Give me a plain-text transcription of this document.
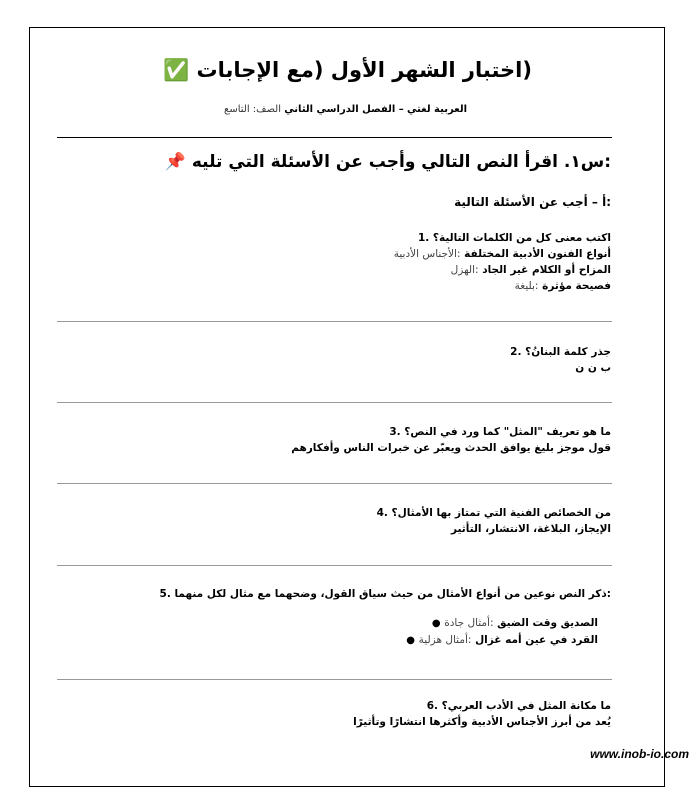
(اختبار الشهر الأول (مع الإجابات ✅
العربية لغتي – الفصل الدراسي الثاني الصف: التاسع
:س١. اقرأ النص التالي وأجب عن الأسئلة التي تليه 📌
:أ – أجب عن الأسئلة التالية
اكتب معنى كل من الكلمات التالية؟ .1
أنواع الفنون الأدبية المختلفة :الأجناس الأدبية
المزاح أو الكلام غير الجاد :الهزل
فصيحة مؤثرة :بليغة
جذر كلمة البنانُ؟ .2
ب ن ن
ما هو تعريف "المثل" كما ورد في النص؟ .3
قول موجز بليغ يوافق الحدث ويعبّر عن خبرات الناس وأفكارهم
من الخصائص الفنية التي تمتاز بها الأمثال؟ .4
الإيجاز، البلاغة، الانتشار، التأثير
:ذكر النص نوعين من أنواع الأمثال من حيث سياق القول، وضحهما مع مثال لكل منهما .5
الصديق وقت الضيق :أمثال جادة ●
القرد في عين أمه غزال :أمثال هزلية ●
ما مكانة المثل في الأدب العربي؟ .6
يُعد من أبرز الأجناس الأدبية وأكثرها انتشارًا وتأثيرًا
www.inob-io.com
